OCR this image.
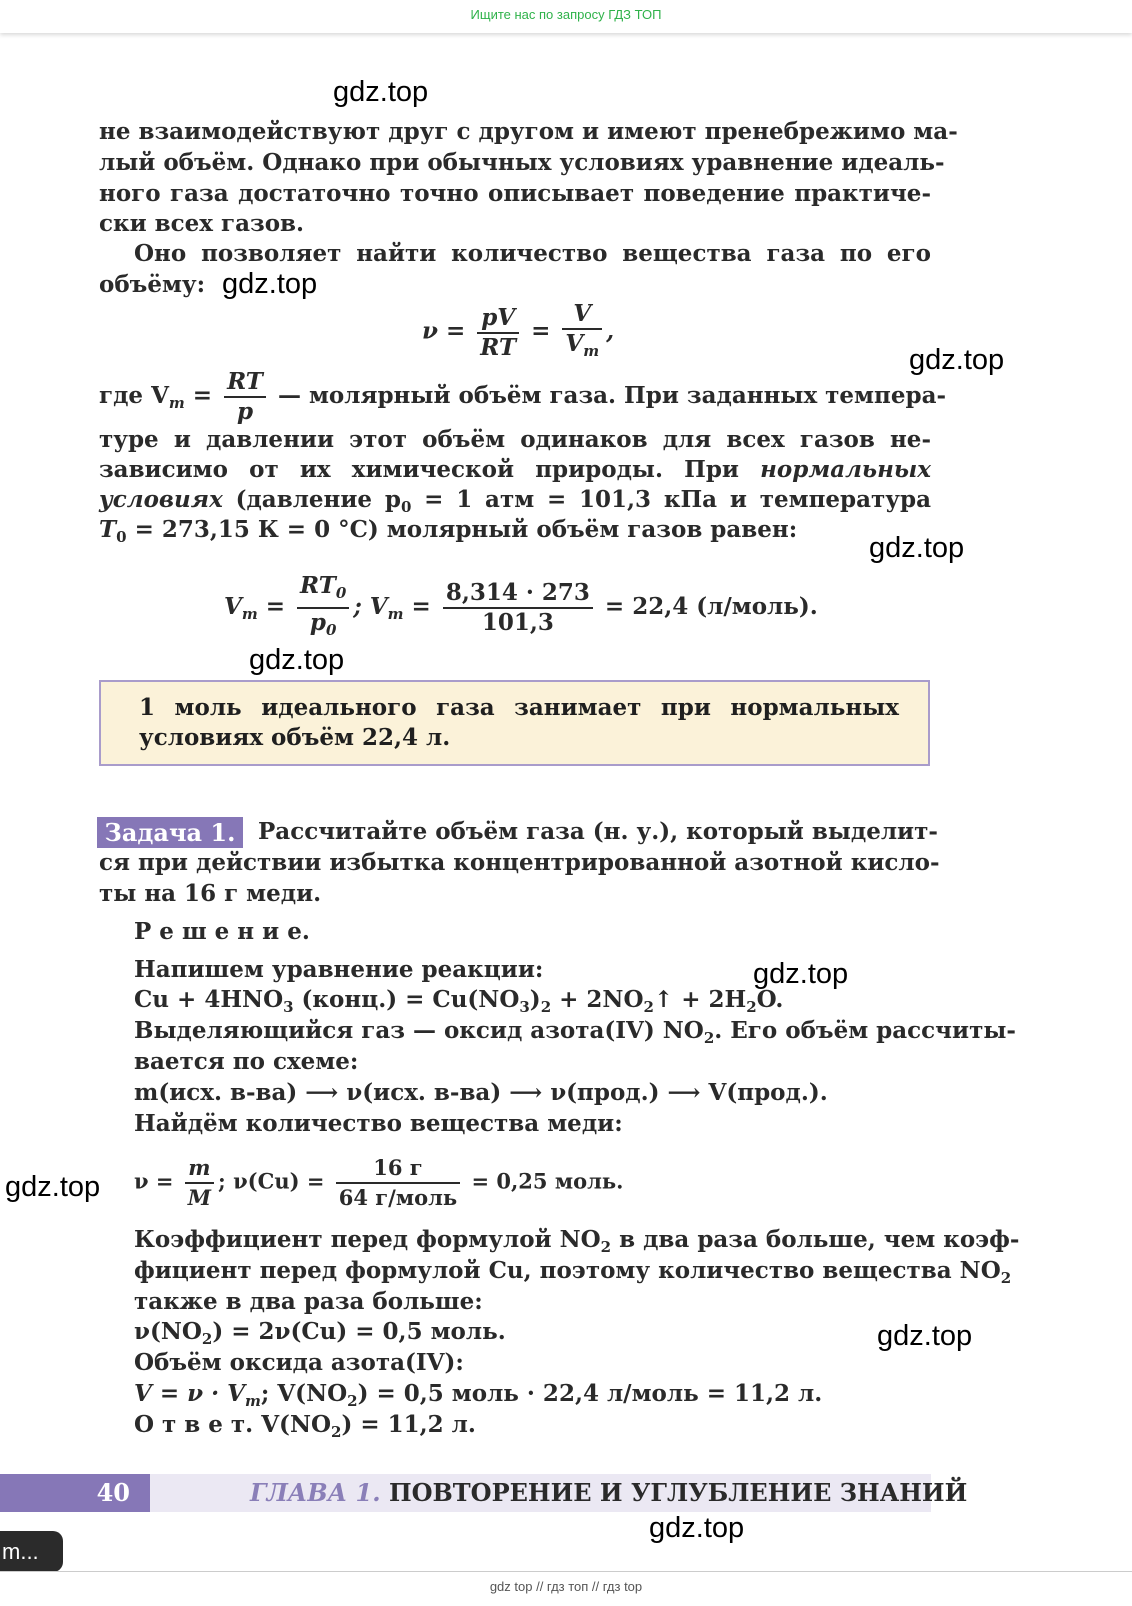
Ищите нас по запросу ГДЗ ТОП
gdz.top
gdz.top
gdz.top
gdz.top
gdz.top
gdz.top
gdz.top
gdz.top
gdz.top
не взаимодействуют друг с другом и имеют пренебрежимо ма-
лый объём. Однако при обычных условиях уравнение идеаль-
ного газа достаточно точно описывает поведение практиче-
ски всех газов.
Оно позволяет найти количество вещества газа по его
объёму:
$\nu = \frac{pV}{RT} = \frac{V}{V_m}$ ,
где $V_m = \frac{RT}{p}$ — молярный объём газа. При заданных темпера-
туре и давлении этот объём одинаков для всех газов не-
зависимо от их химической природы. При нормальных
условиях (давление $p_0 = 1$ атм = 101,3 кПа и температура
$T_0 = 273,15$ К = 0 °С) молярный объём газов равен:
$V_m = \frac{RT_0}{p_0}$ ; $V_m = \frac{8,314 \cdot 273}{101,3} = 22,4$ (л/моль).
1 моль идеального газа занимает при нормальных
условиях объём 22,4 л.
Задача 1. Рассчитайте объём газа (н. у.), который выделит-
ся при действии избытка концентрированной азотной кисло-
ты на 16 г меди.
Р е ш е н и е.
Напишем уравнение реакции:
$Cu + 4HNO_3$ (конц.) = $Cu(NO_3)_2$ + $2NO_2↑ + 2H_2O$.
Выделяющийся газ — оксид азота(IV) $NO_2$. Его объём рассчиты-
вается по схеме:
m(исх. в-ва) ⟶ ν(исх. в-ва) ⟶ ν(прод.) ⟶ V(прод.).
Найдём количество вещества меди:
$\nu = \frac{m}{M}$ ; $\nu(Cu) = \frac{16 г}{\text{64 г/моль}} = 0,25$ моль.
Коэффициент перед формулой $NO_2$ в два раза больше, чем коэф-
фициент перед формулой Cu, поэтому количество вещества $NO_2$
также в два раза больше:
$\nu(NO_2) = 2\nu(Cu) = 0,5$ моль.
Объём оксида азота(IV):
$V = \nu \cdot V_m$; $V(NO_2) = 0,5$ моль · 22,4 л/моль = 11,2 л.
О т в е т. $V(NO_2) = 11,2$ л.
40	ГЛАВА 1. ПОВТОРЕНИЕ И УГЛУБЛЕНИЕ ЗНАНИЙ
m...
gdz top // гдз топ // гдз top
